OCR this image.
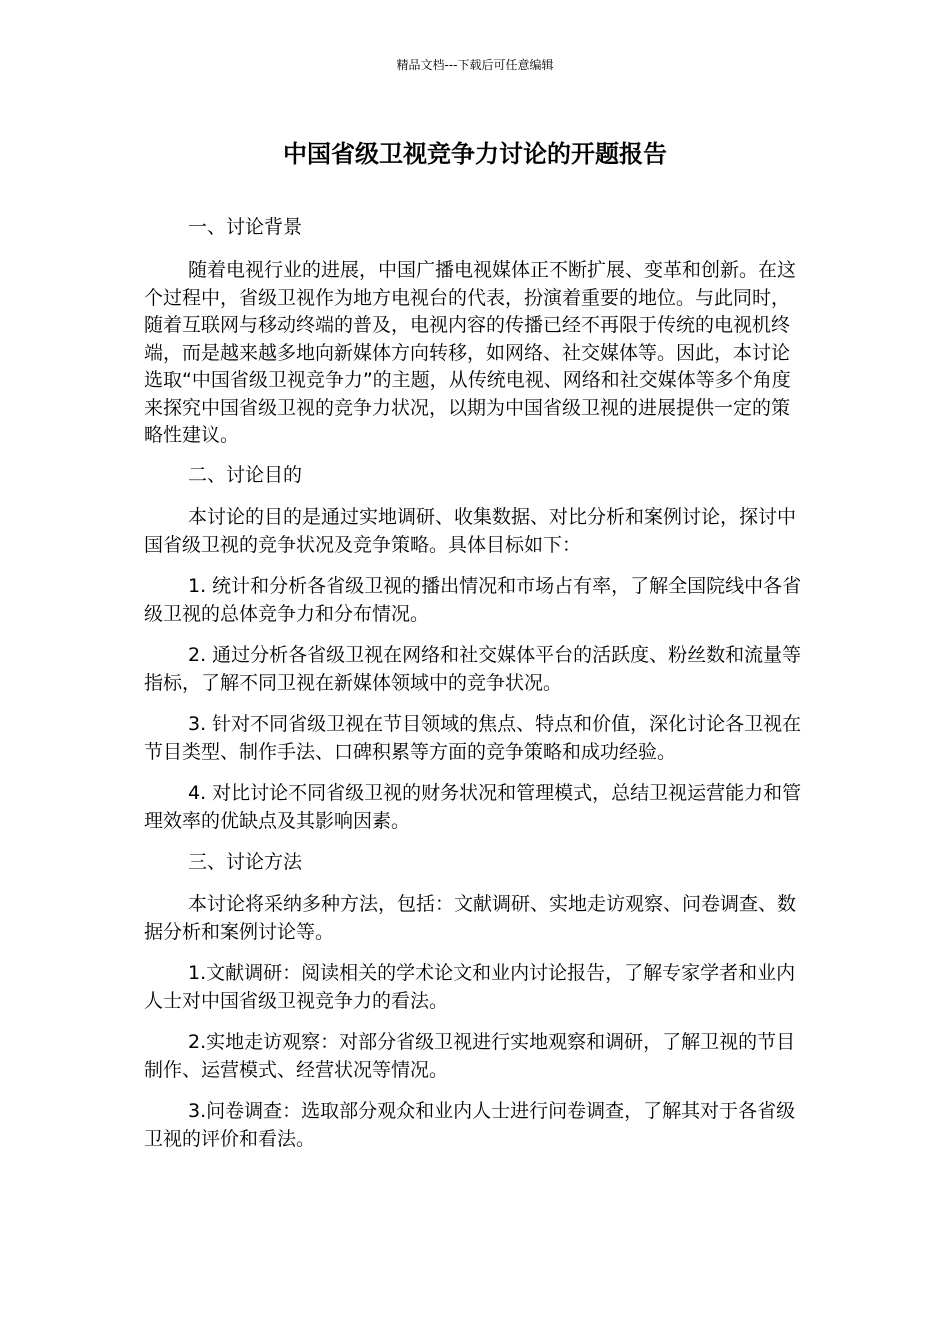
精品文档---下载后可任意编辑
中国省级卫视竞争力讨论的开题报告

一、讨论背景

随着电视行业的进展，中国广播电视媒体正不断扩展、变革和创新。在这个过程中，省级卫视作为地方电视台的代表，扮演着重要的地位。与此同时，随着互联网与移动终端的普及，电视内容的传播已经不再限于传统的电视机终端，而是越来越多地向新媒体方向转移，如网络、社交媒体等。因此，本讨论选取“中国省级卫视竞争力”的主题，从传统电视、网络和社交媒体等多个角度来探究中国省级卫视的竞争力状况，以期为中国省级卫视的进展提供一定的策略性建议。

二、讨论目的

本讨论的目的是通过实地调研、收集数据、对比分析和案例讨论，探讨中国省级卫视的竞争状况及竞争策略。具体目标如下：

1. 统计和分析各省级卫视的播出情况和市场占有率，了解全国院线中各省级卫视的总体竞争力和分布情况。

2. 通过分析各省级卫视在网络和社交媒体平台的活跃度、粉丝数和流量等指标，了解不同卫视在新媒体领域中的竞争状况。

3. 针对不同省级卫视在节目领域的焦点、特点和价值，深化讨论各卫视在节目类型、制作手法、口碑积累等方面的竞争策略和成功经验。

4. 对比讨论不同省级卫视的财务状况和管理模式，总结卫视运营能力和管理效率的优缺点及其影响因素。

三、讨论方法

本讨论将采纳多种方法，包括：文献调研、实地走访观察、问卷调查、数据分析和案例讨论等。

1.文献调研：阅读相关的学术论文和业内讨论报告，了解专家学者和业内人士对中国省级卫视竞争力的看法。

2.实地走访观察：对部分省级卫视进行实地观察和调研，了解卫视的节目制作、运营模式、经营状况等情况。

3.问卷调查：选取部分观众和业内人士进行问卷调查，了解其对于各省级卫视的评价和看法。
